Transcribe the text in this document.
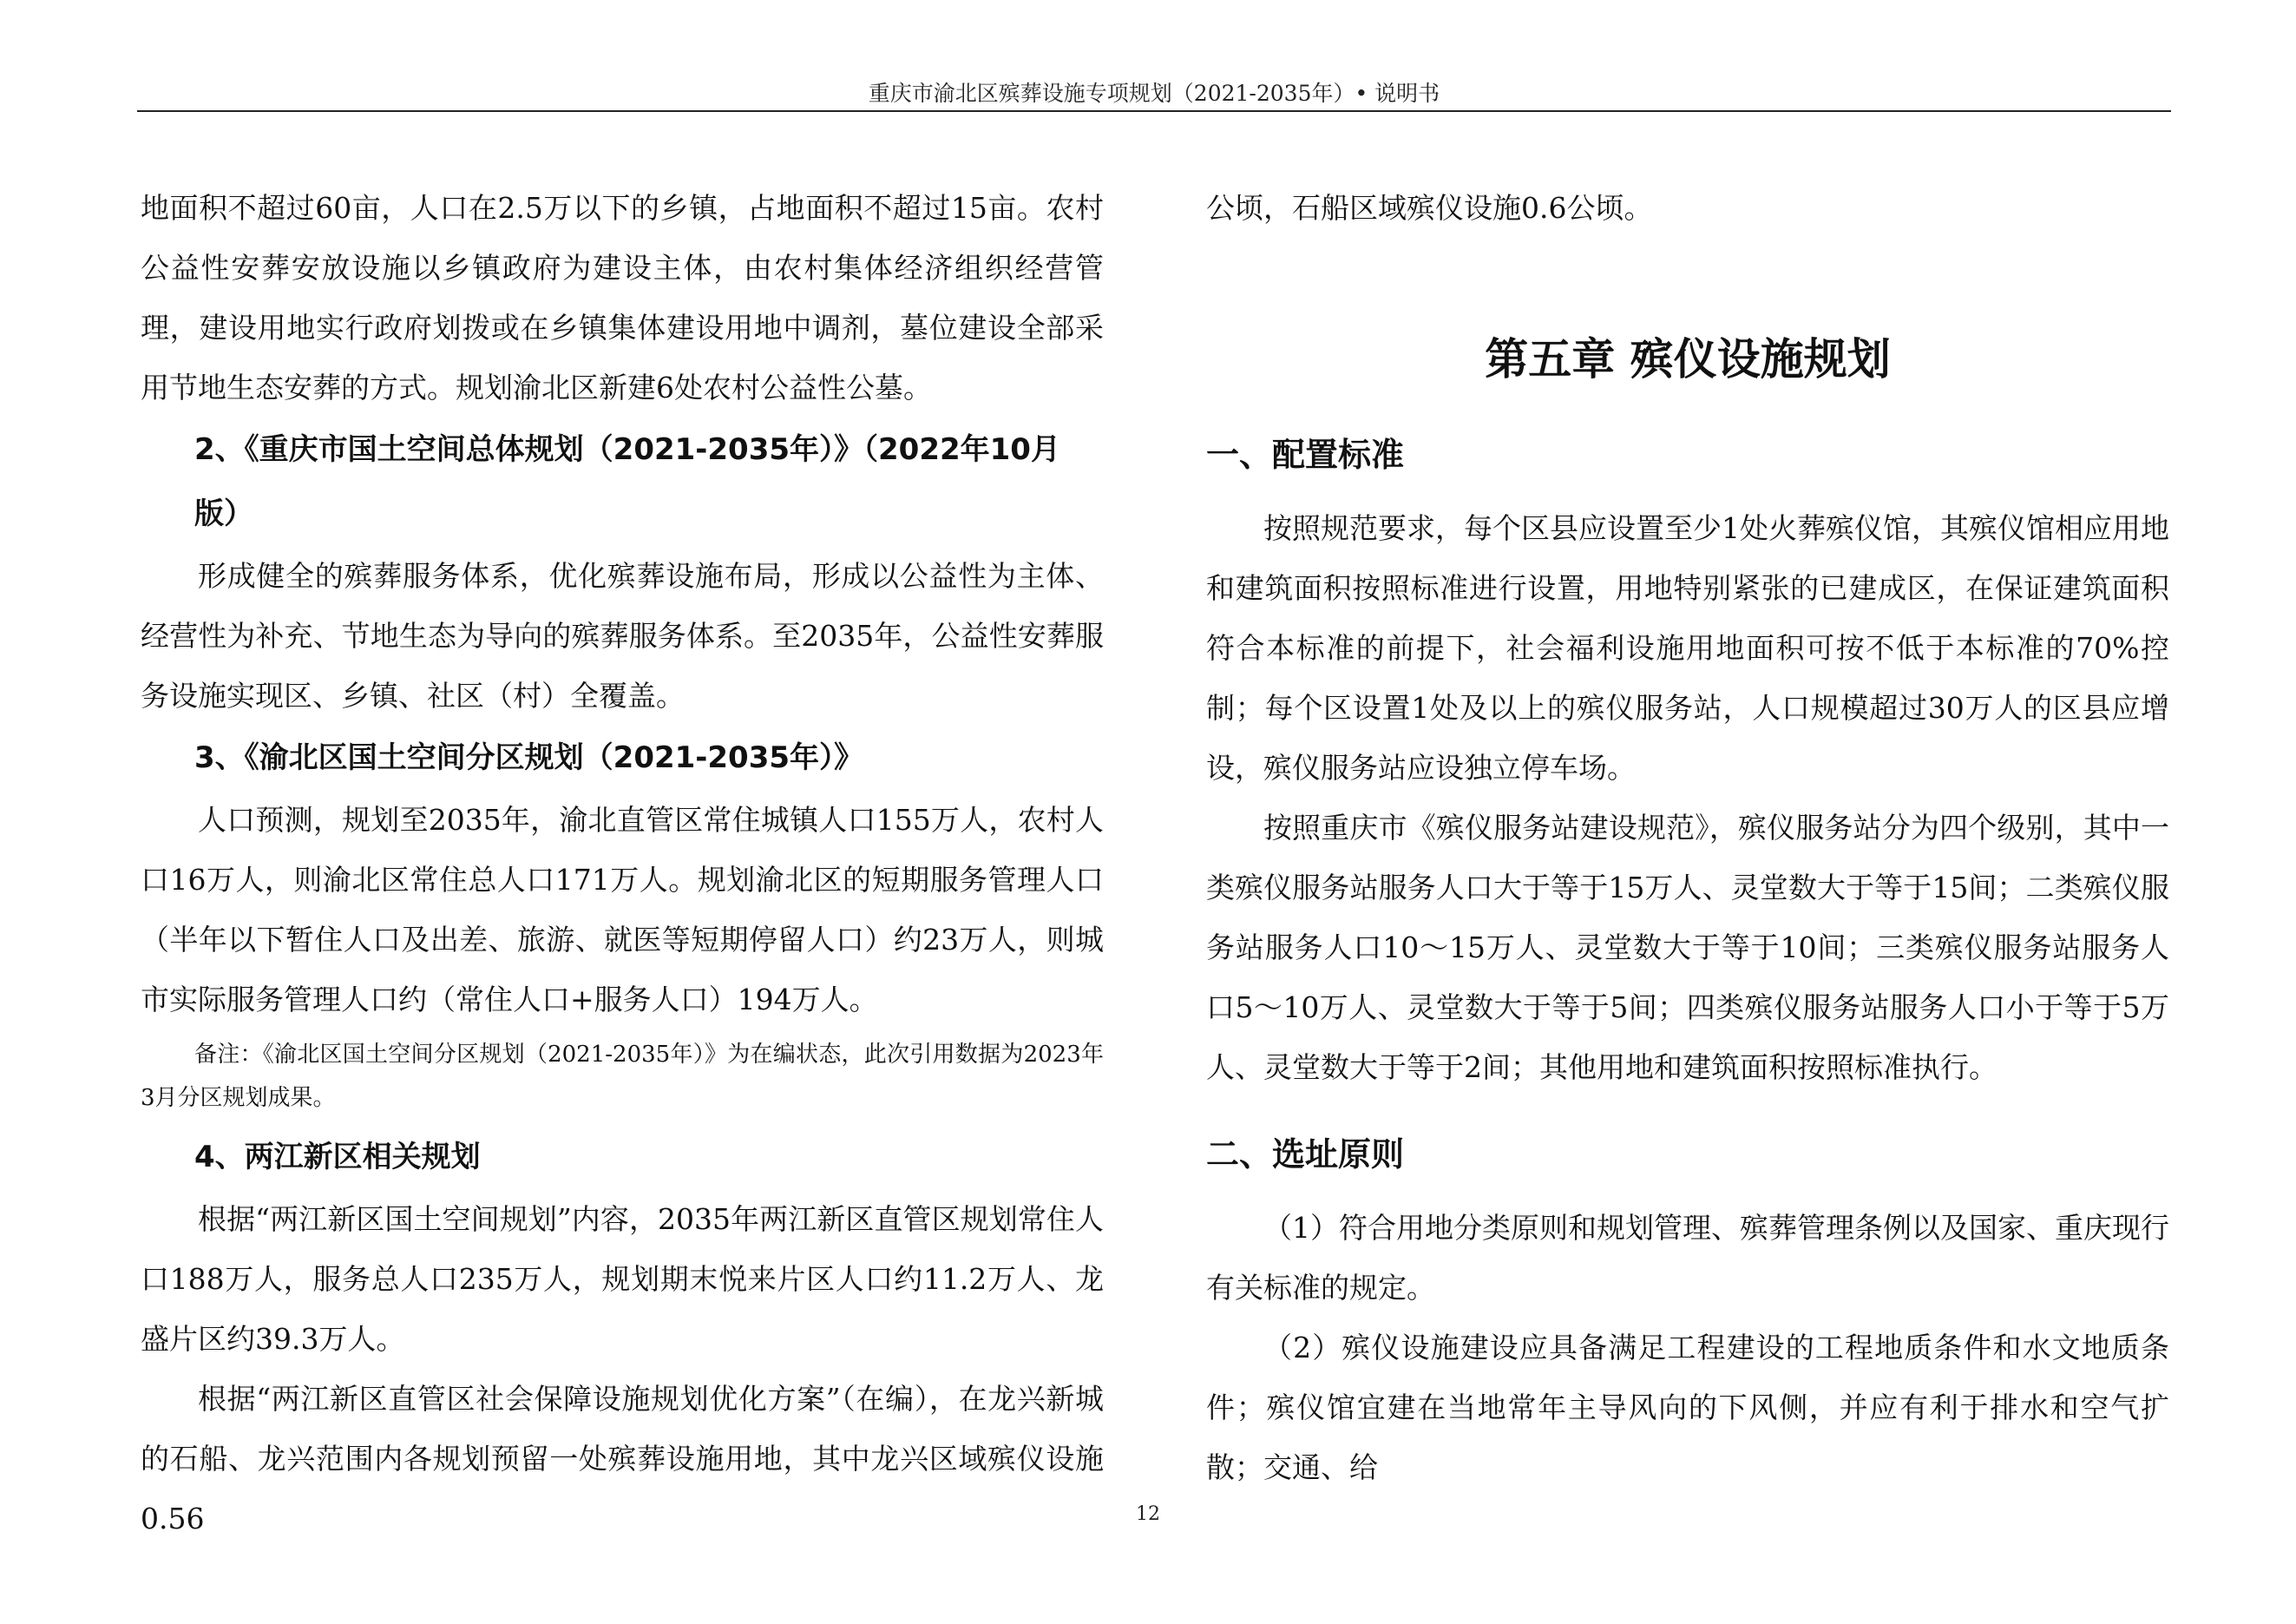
重庆市渝北区殡葬设施专项规划（2021-2035年）• 说明书

地面积不超过60亩，人口在2.5万以下的乡镇，占地面积不超过15亩。农村公益性安葬安放设施以乡镇政府为建设主体，由农村集体经济组织经营管理，建设用地实行政府划拨或在乡镇集体建设用地中调剂，墓位建设全部采用节地生态安葬的方式。规划渝北区新建6处农村公益性公墓。

2、《重庆市国土空间总体规划（2021-2035年）》（2022年10月版）

形成健全的殡葬服务体系，优化殡葬设施布局，形成以公益性为主体、经营性为补充、节地生态为导向的殡葬服务体系。至2035年，公益性安葬服务设施实现区、乡镇、社区（村）全覆盖。

3、《渝北区国土空间分区规划（2021-2035年）》

人口预测，规划至2035年，渝北直管区常住城镇人口155万人，农村人口16万人，则渝北区常住总人口171万人。规划渝北区的短期服务管理人口（半年以下暂住人口及出差、旅游、就医等短期停留人口）约23万人，则城市实际服务管理人口约（常住人口+服务人口）194万人。

备注：《渝北区国土空间分区规划（2021-2035年）》为在编状态，此次引用数据为2023年3月分区规划成果。

4、两江新区相关规划

根据“两江新区国土空间规划”内容，2035年两江新区直管区规划常住人口188万人，服务总人口235万人，规划期末悦来片区人口约11.2万人、龙盛片区约39.3万人。

根据“两江新区直管区社会保障设施规划优化方案”（在编），在龙兴新城的石船、龙兴范围内各规划预留一处殡葬设施用地，其中龙兴区域殡仪设施0.56

公顷，石船区域殡仪设施0.6公顷。

第五章 殡仪设施规划
一、配置标准

按照规范要求，每个区县应设置至少1处火葬殡仪馆，其殡仪馆相应用地和建筑面积按照标准进行设置，用地特别紧张的已建成区，在保证建筑面积符合本标准的前提下，社会福利设施用地面积可按不低于本标准的70%控制；每个区设置1处及以上的殡仪服务站，人口规模超过30万人的区县应增设，殡仪服务站应设独立停车场。

按照重庆市《殡仪服务站建设规范》，殡仪服务站分为四个级别，其中一类殡仪服务站服务人口大于等于15万人、灵堂数大于等于15间；二类殡仪服务站服务人口10～15万人、灵堂数大于等于10间；三类殡仪服务站服务人口5～10万人、灵堂数大于等于5间；四类殡仪服务站服务人口小于等于5万人、灵堂数大于等于2间；其他用地和建筑面积按照标准执行。

二、选址原则

（1）符合用地分类原则和规划管理、殡葬管理条例以及国家、重庆现行有关标准的规定。

（2）殡仪设施建设应具备满足工程建设的工程地质条件和水文地质条件；殡仪馆宜建在当地常年主导风向的下风侧，并应有利于排水和空气扩散；交通、给

12
